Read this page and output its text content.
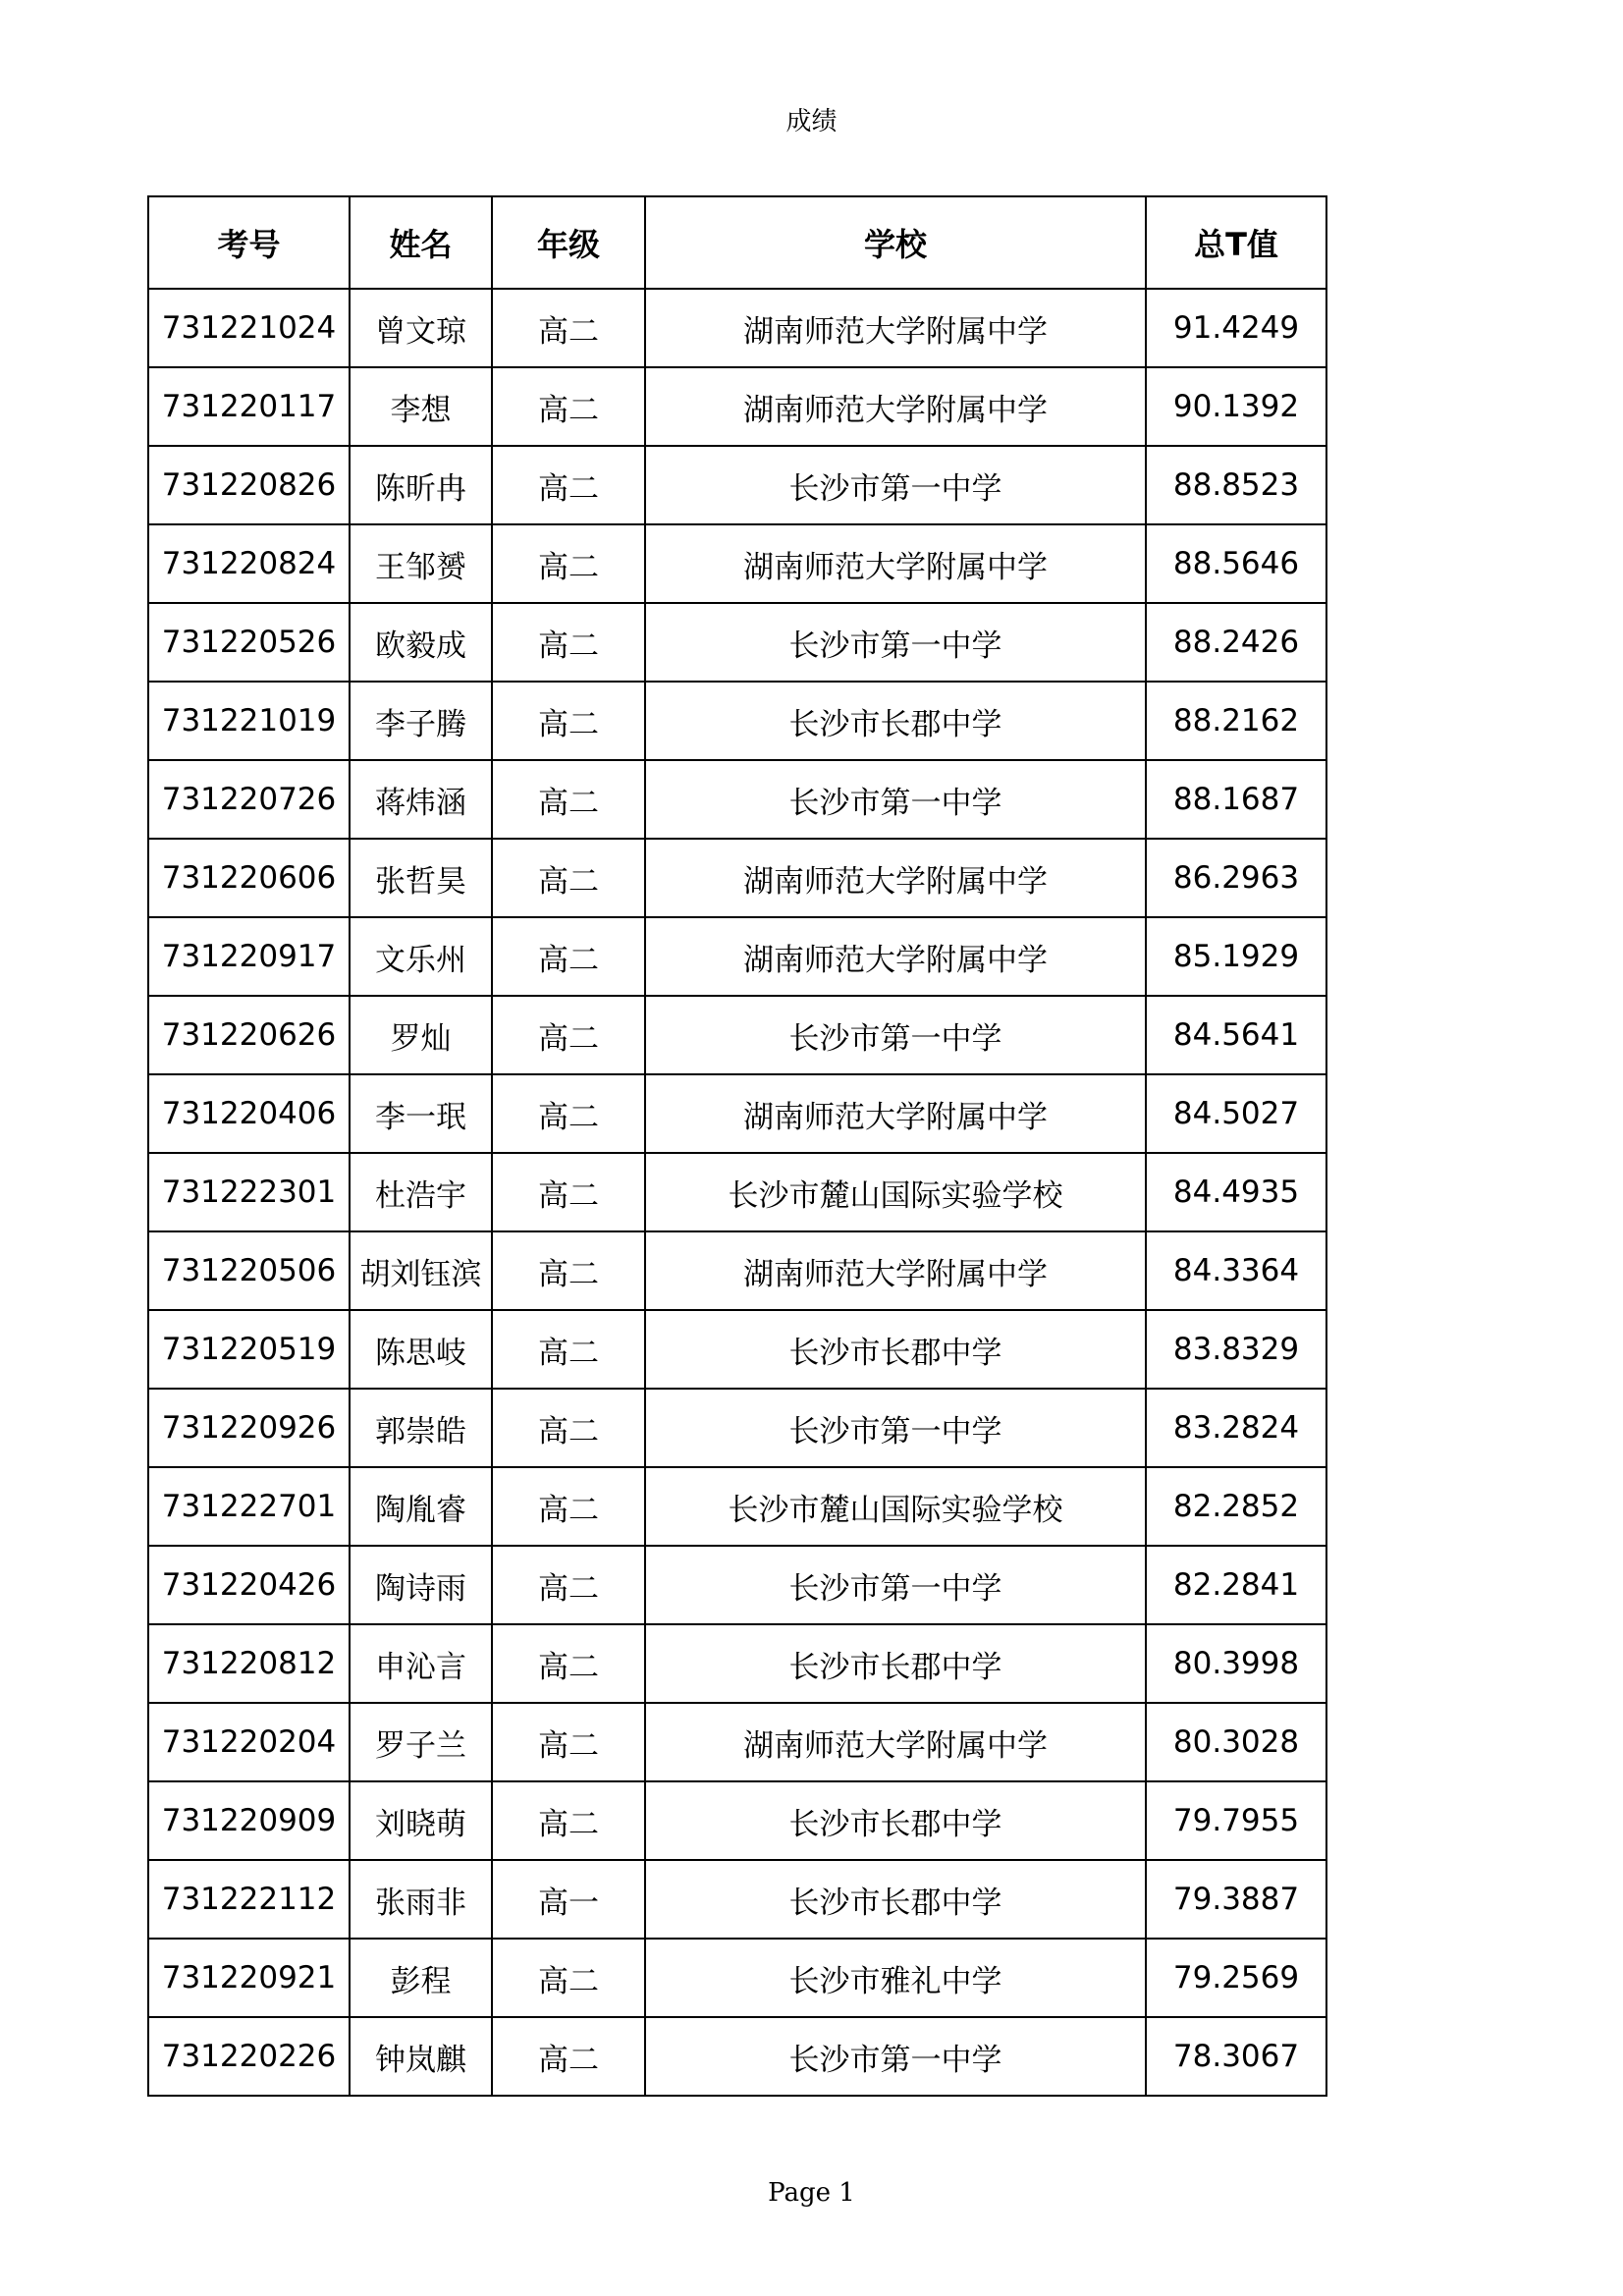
成绩
考号	姓名	年级	学校	总T值
731221024	曾文琼	高二	湖南师范大学附属中学	91.4249
731220117	李想	高二	湖南师范大学附属中学	90.1392
731220826	陈昕冉	高二	长沙市第一中学	88.8523
731220824	王邹赟	高二	湖南师范大学附属中学	88.5646
731220526	欧毅成	高二	长沙市第一中学	88.2426
731221019	李子腾	高二	长沙市长郡中学	88.2162
731220726	蒋炜涵	高二	长沙市第一中学	88.1687
731220606	张哲昊	高二	湖南师范大学附属中学	86.2963
731220917	文乐州	高二	湖南师范大学附属中学	85.1929
731220626	罗灿	高二	长沙市第一中学	84.5641
731220406	李一珉	高二	湖南师范大学附属中学	84.5027
731222301	杜浩宇	高二	长沙市麓山国际实验学校	84.4935
731220506	胡刘钰滨	高二	湖南师范大学附属中学	84.3364
731220519	陈思岐	高二	长沙市长郡中学	83.8329
731220926	郭崇皓	高二	长沙市第一中学	83.2824
731222701	陶胤睿	高二	长沙市麓山国际实验学校	82.2852
731220426	陶诗雨	高二	长沙市第一中学	82.2841
731220812	申沁言	高二	长沙市长郡中学	80.3998
731220204	罗子兰	高二	湖南师范大学附属中学	80.3028
731220909	刘晓萌	高二	长沙市长郡中学	79.7955
731222112	张雨非	高一	长沙市长郡中学	79.3887
731220921	彭程	高二	长沙市雅礼中学	79.2569
731220226	钟岚麒	高二	长沙市第一中学	78.3067
Page 1
